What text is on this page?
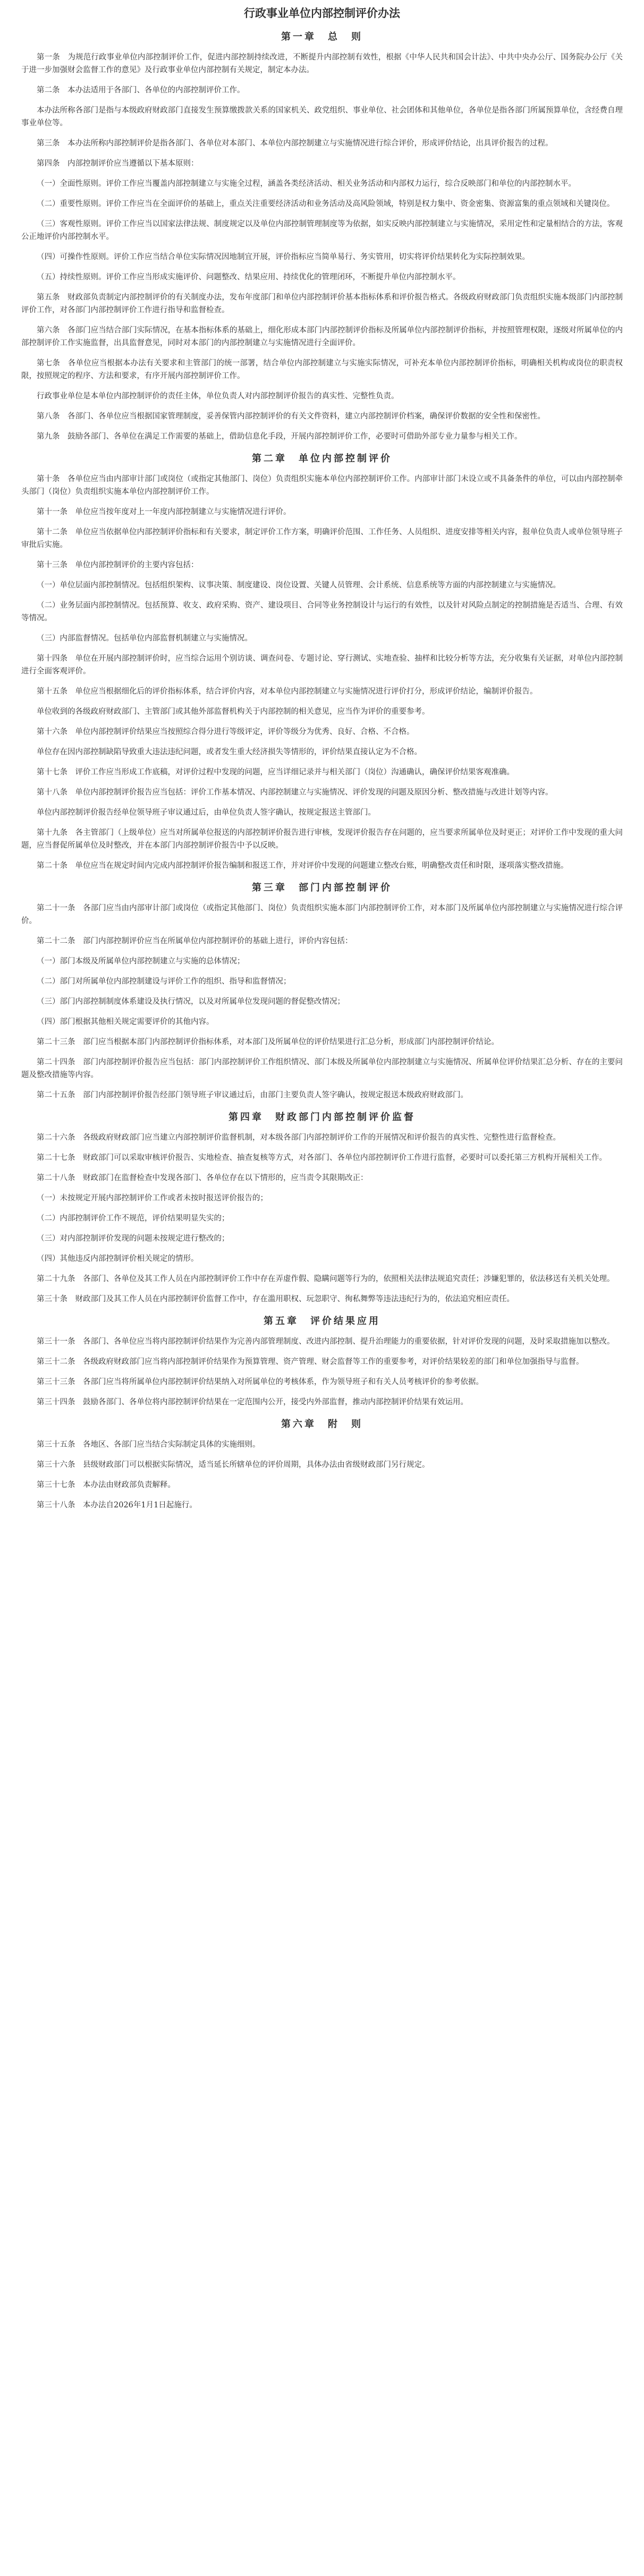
行政事业单位内部控制评价办法
第一章　总　则
第一条　为规范行政事业单位内部控制评价工作，促进内部控制持续改进，不断提升内部控制有效性，根据《中华人民共和国会计法》、中共中央办公厅、国务院办公厅《关于进一步加强财会监督工作的意见》及行政事业单位内部控制有关规定，制定本办法。
第二条　本办法适用于各部门、各单位的内部控制评价工作。
本办法所称各部门是指与本级政府财政部门直接发生预算缴拨款关系的国家机关、政党组织、事业单位、社会团体和其他单位，各单位是指各部门所属预算单位，含经费自理事业单位等。
第三条　本办法所称内部控制评价是指各部门、各单位对本部门、本单位内部控制建立与实施情况进行综合评价，形成评价结论，出具评价报告的过程。
第四条　内部控制评价应当遵循以下基本原则：
（一）全面性原则。评价工作应当覆盖内部控制建立与实施全过程，涵盖各类经济活动、相关业务活动和内部权力运行，综合反映部门和单位的内部控制水平。
（二）重要性原则。评价工作应当在全面评价的基础上，重点关注重要经济活动和业务活动及高风险领域，特别是权力集中、资金密集、资源富集的重点领域和关键岗位。
（三）客观性原则。评价工作应当以国家法律法规、制度规定以及单位内部控制管理制度等为依据，如实反映内部控制建立与实施情况，采用定性和定量相结合的方法，客观公正地评价内部控制水平。
（四）可操作性原则。评价工作应当结合单位实际情况因地制宜开展，评价指标应当简单易行、务实管用，切实将评价结果转化为实际控制效果。
（五）持续性原则。评价工作应当形成实施评价、问题整改、结果应用、持续优化的管理闭环，不断提升单位内部控制水平。
第五条　财政部负责制定内部控制评价的有关制度办法，发布年度部门和单位内部控制评价基本指标体系和评价报告格式。各级政府财政部门负责组织实施本级部门内部控制评价工作，对各部门内部控制评价工作进行指导和监督检查。
第六条　各部门应当结合部门实际情况，在基本指标体系的基础上，细化形成本部门内部控制评价指标及所属单位内部控制评价指标，并按照管理权限，逐级对所属单位的内部控制评价工作实施监督，出具监督意见，同时对本部门的内部控制建立与实施情况进行全面评价。
第七条　各单位应当根据本办法有关要求和主管部门的统一部署，结合单位内部控制建立与实施实际情况，可补充本单位内部控制评价指标，明确相关机构或岗位的职责权限，按照规定的程序、方法和要求，有序开展内部控制评价工作。
行政事业单位是本单位内部控制评价的责任主体，单位负责人对内部控制评价报告的真实性、完整性负责。
第八条　各部门、各单位应当根据国家管理制度，妥善保管内部控制评价的有关文件资料，建立内部控制评价档案，确保评价数据的安全性和保密性。
第九条　鼓励各部门、各单位在满足工作需要的基础上，借助信息化手段，开展内部控制评价工作，必要时可借助外部专业力量参与相关工作。
第二章　单位内部控制评价
第十条　各单位应当由内部审计部门或岗位（或指定其他部门、岗位）负责组织实施本单位内部控制评价工作。内部审计部门未设立或不具备条件的单位，可以由内部控制牵头部门（岗位）负责组织实施本单位内部控制评价工作。
第十一条　单位应当按年度对上一年度内部控制建立与实施情况进行评价。
第十二条　单位应当依据单位内部控制评价指标和有关要求，制定评价工作方案，明确评价范围、工作任务、人员组织、进度安排等相关内容，报单位负责人或单位领导班子审批后实施。
第十三条　单位内部控制评价的主要内容包括：
（一）单位层面内部控制情况。包括组织架构、议事决策、制度建设、岗位设置、关键人员管理、会计系统、信息系统等方面的内部控制建立与实施情况。
（二）业务层面内部控制情况。包括预算、收支、政府采购、资产、建设项目、合同等业务控制设计与运行的有效性，以及针对风险点制定的控制措施是否适当、合理、有效等情况。
（三）内部监督情况。包括单位内部监督机制建立与实施情况。
第十四条　单位在开展内部控制评价时，应当综合运用个别访谈、调查问卷、专题讨论、穿行测试、实地查验、抽样和比较分析等方法，充分收集有关证据，对单位内部控制进行全面客观评价。
第十五条　单位应当根据细化后的评价指标体系，结合评价内容，对本单位内部控制建立与实施情况进行评价打分，形成评价结论，编制评价报告。
单位收到的各级政府财政部门、主管部门或其他外部监督机构关于内部控制的相关意见，应当作为评价的重要参考。
第十六条　单位内部控制评价结果应当按照综合得分进行等级评定，评价等级分为优秀、良好、合格、不合格。
单位存在因内部控制缺陷导致重大违法违纪问题，或者发生重大经济损失等情形的，评价结果直接认定为不合格。
第十七条　评价工作应当形成工作底稿，对评价过程中发现的问题，应当详细记录并与相关部门（岗位）沟通确认，确保评价结果客观准确。
第十八条　单位内部控制评价报告应当包括：评价工作基本情况、内部控制建立与实施情况、评价发现的问题及原因分析、整改措施与改进计划等内容。
单位内部控制评价报告经单位领导班子审议通过后，由单位负责人签字确认，按规定报送主管部门。
第十九条　各主管部门（上级单位）应当对所属单位报送的内部控制评价报告进行审核，发现评价报告存在问题的，应当要求所属单位及时更正；对评价工作中发现的重大问题，应当督促所属单位及时整改，并在本部门内部控制评价报告中予以反映。
第二十条　单位应当在规定时间内完成内部控制评价报告编制和报送工作，并对评价中发现的问题建立整改台账，明确整改责任和时限，逐项落实整改措施。
第三章　部门内部控制评价
第二十一条　各部门应当由内部审计部门或岗位（或指定其他部门、岗位）负责组织实施本部门内部控制评价工作，对本部门及所属单位内部控制建立与实施情况进行综合评价。
第二十二条　部门内部控制评价应当在所属单位内部控制评价的基础上进行，评价内容包括：
（一）部门本级及所属单位内部控制建立与实施的总体情况；
（二）部门对所属单位内部控制建设与评价工作的组织、指导和监督情况；
（三）部门内部控制制度体系建设及执行情况，以及对所属单位发现问题的督促整改情况；
（四）部门根据其他相关规定需要评价的其他内容。
第二十三条　部门应当根据本部门内部控制评价指标体系，对本部门及所属单位的评价结果进行汇总分析，形成部门内部控制评价结论。
第二十四条　部门内部控制评价报告应当包括：部门内部控制评价工作组织情况、部门本级及所属单位内部控制建立与实施情况、所属单位评价结果汇总分析、存在的主要问题及整改措施等内容。
第二十五条　部门内部控制评价报告经部门领导班子审议通过后，由部门主要负责人签字确认，按规定报送本级政府财政部门。
第四章　财政部门内部控制评价监督
第二十六条　各级政府财政部门应当建立内部控制评价监督机制，对本级各部门内部控制评价工作的开展情况和评价报告的真实性、完整性进行监督检查。
第二十七条　财政部门可以采取审核评价报告、实地检查、抽查复核等方式，对各部门、各单位内部控制评价工作进行监督，必要时可以委托第三方机构开展相关工作。
第二十八条　财政部门在监督检查中发现各部门、各单位存在以下情形的，应当责令其限期改正：
（一）未按规定开展内部控制评价工作或者未按时报送评价报告的；
（二）内部控制评价工作不规范，评价结果明显失实的；
（三）对内部控制评价发现的问题未按规定进行整改的；
（四）其他违反内部控制评价相关规定的情形。
第二十九条　各部门、各单位及其工作人员在内部控制评价工作中存在弄虚作假、隐瞒问题等行为的，依照相关法律法规追究责任；涉嫌犯罪的，依法移送有关机关处理。
第三十条　财政部门及其工作人员在内部控制评价监督工作中，存在滥用职权、玩忽职守、徇私舞弊等违法违纪行为的，依法追究相应责任。
第五章　评价结果应用
第三十一条　各部门、各单位应当将内部控制评价结果作为完善内部管理制度、改进内部控制、提升治理能力的重要依据，针对评价发现的问题，及时采取措施加以整改。
第三十二条　各级政府财政部门应当将内部控制评价结果作为预算管理、资产管理、财会监督等工作的重要参考，对评价结果较差的部门和单位加强指导与监督。
第三十三条　各部门应当将所属单位内部控制评价结果纳入对所属单位的考核体系，作为领导班子和有关人员考核评价的参考依据。
第三十四条　鼓励各部门、各单位将内部控制评价结果在一定范围内公开，接受内外部监督，推动内部控制评价结果有效运用。
第六章　附　则
第三十五条　各地区、各部门应当结合实际制定具体的实施细则。
第三十六条　县级财政部门可以根据实际情况，适当延长所辖单位的评价周期，具体办法由省级财政部门另行规定。
第三十七条　本办法由财政部负责解释。
第三十八条　本办法自2026年1月1日起施行。
